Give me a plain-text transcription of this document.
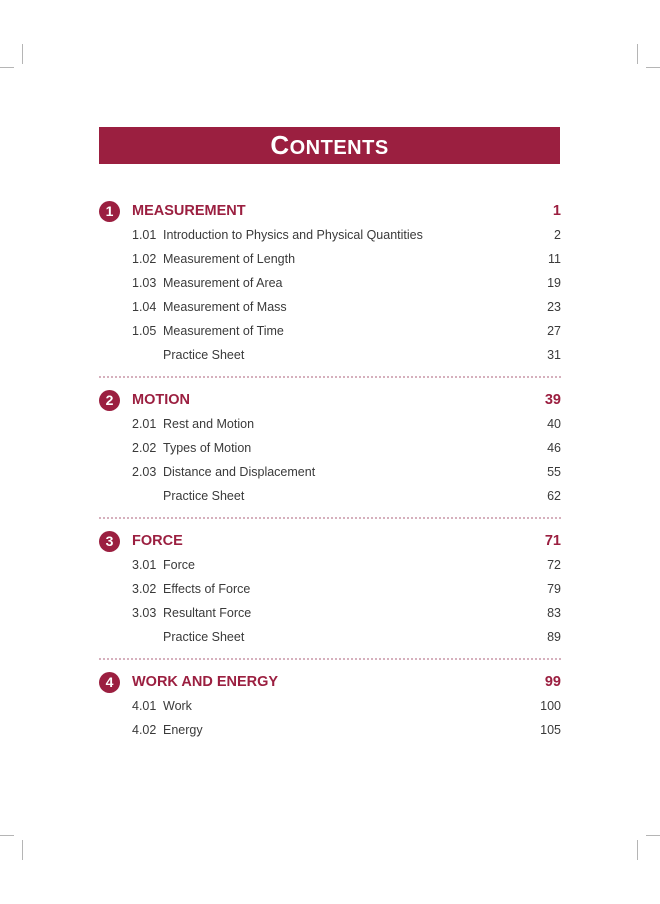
CONTENTS
1	MEASUREMENT	1
1.01 Introduction to Physics and Physical Quantities	2
1.02 Measurement of Length	11
1.03 Measurement of Area	19
1.04 Measurement of Mass	23
1.05 Measurement of Time	27
Practice Sheet	31
2	MOTION	39
2.01 Rest and Motion	40
2.02 Types of Motion	46
2.03 Distance and Displacement	55
Practice Sheet	62
3	FORCE	71
3.01 Force	72
3.02 Effects of Force	79
3.03 Resultant Force	83
Practice Sheet	89
4	WORK AND ENERGY	99
4.01 Work	100
4.02 Energy	105
